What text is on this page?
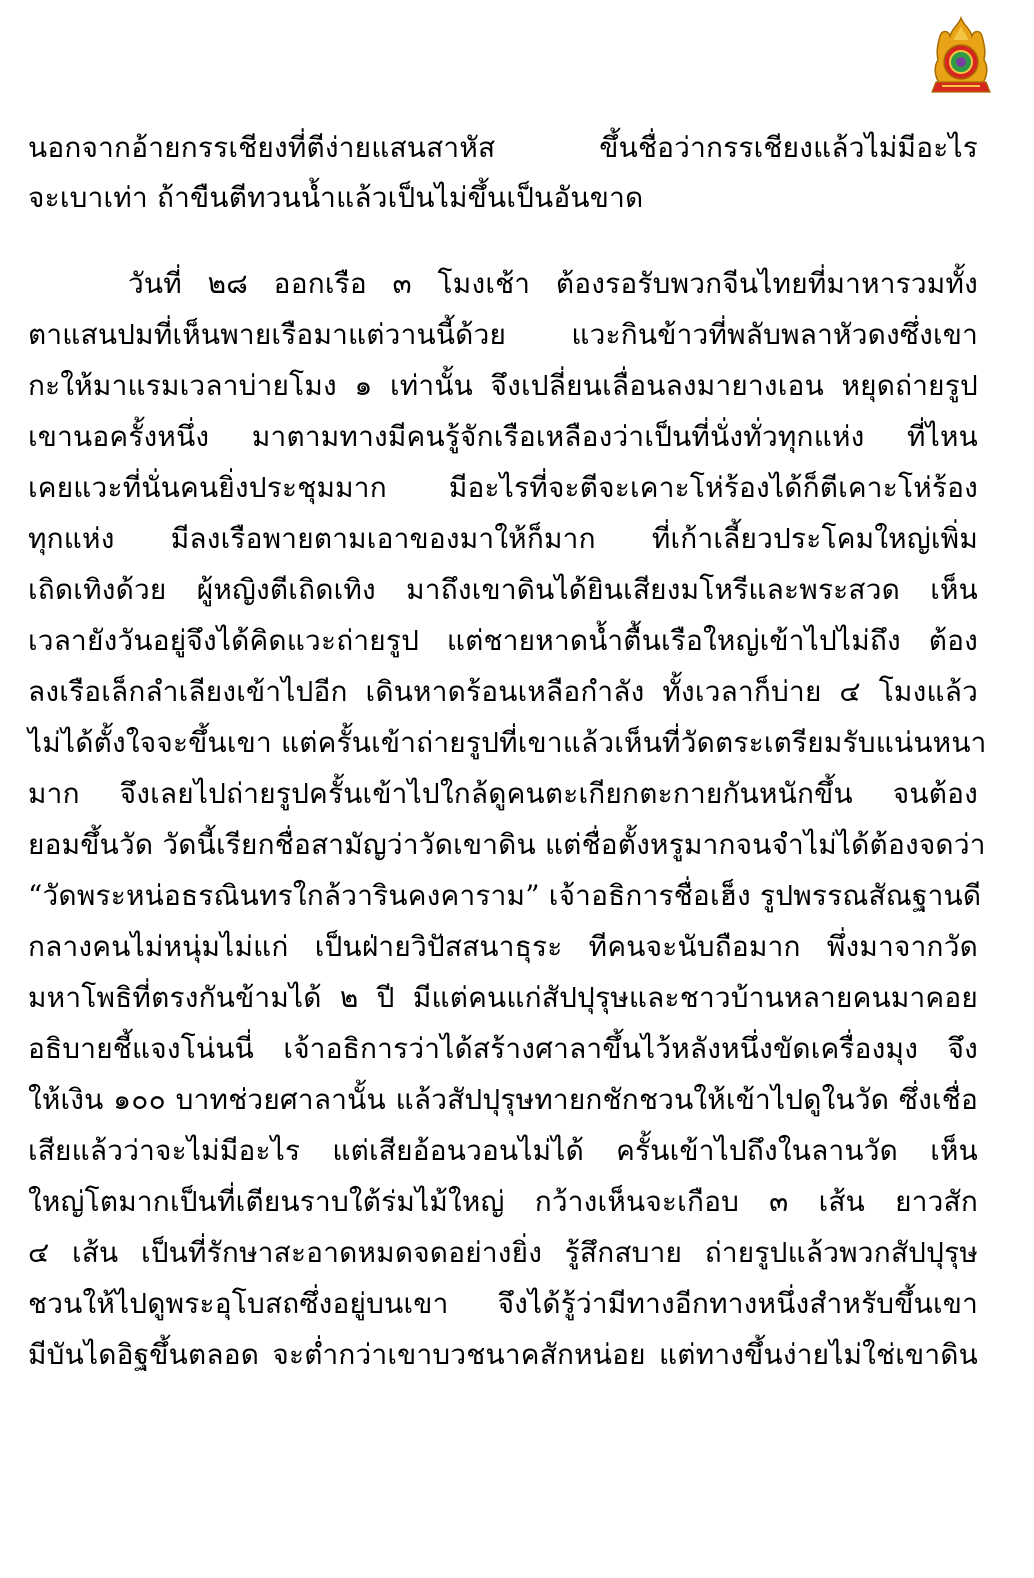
นอกจากอ้ายกรรเชียงที่ตีง่ายแสนสาหัส ขึ้นชื่อว่ากรรเชียงแล้วไม่มีอะไร
จะเบาเท่า ถ้าขืนตีทวนน้ำแล้วเป็นไม่ขึ้นเป็นอันขาด
วันที่ ๒๘ ออกเรือ ๓ โมงเช้า ต้องรอรับพวกจีนไทยที่มาหารวมทั้ง
ตาแสนปมที่เห็นพายเรือมาแต่วานนี้ด้วย แวะกินข้าวที่พลับพลาหัวดงซึ่งเขา
กะให้มาแรมเวลาบ่ายโมง ๑ เท่านั้น จึงเปลี่ยนเลื่อนลงมายางเอน หยุดถ่ายรูป
เขานอครั้งหนึ่ง มาตามทางมีคนรู้จักเรือเหลืองว่าเป็นที่นั่งทั่วทุกแห่ง ที่ไหน
เคยแวะที่นั่นคนยิ่งประชุมมาก มีอะไรที่จะตีจะเคาะโห่ร้องได้ก็ตีเคาะโห่ร้อง
ทุกแห่ง มีลงเรือพายตามเอาของมาให้ก็มาก ที่เก้าเลี้ยวประโคมใหญ่เพิ่ม
เถิดเทิงด้วย ผู้หญิงตีเถิดเทิง มาถึงเขาดินได้ยินเสียงมโหรีและพระสวด เห็น
เวลายังวันอยู่จึงได้คิดแวะถ่ายรูป แต่ชายหาดน้ำตื้นเรือใหญ่เข้าไปไม่ถึง ต้อง
ลงเรือเล็กลำเลียงเข้าไปอีก เดินหาดร้อนเหลือกำลัง ทั้งเวลาก็บ่าย ๔ โมงแล้ว
ไม่ได้ตั้งใจจะขึ้นเขา แต่ครั้นเข้าถ่ายรูปที่เขาแล้วเห็นที่วัดตระเตรียมรับแน่นหนา
มาก จึงเลยไปถ่ายรูปครั้นเข้าไปใกล้ดูคนตะเกียกตะกายกันหนักขึ้น จนต้อง
ยอมขึ้นวัด วัดนี้เรียกชื่อสามัญว่าวัดเขาดิน แต่ชื่อตั้งหรูมากจนจำไม่ได้ต้องจดว่า
“วัดพระหน่อธรณินทรใกล้วารินคงคาราม” เจ้าอธิการชื่อเฮ็ง รูปพรรณสัณฐานดี
กลางคนไม่หนุ่มไม่แก่ เป็นฝ่ายวิปัสสนาธุระ ทีคนจะนับถือมาก พึ่งมาจากวัด
มหาโพธิที่ตรงกันข้ามได้ ๒ ปี มีแต่คนแก่สัปปุรุษและชาวบ้านหลายคนมาคอย
อธิบายชี้แจงโน่นนี่ เจ้าอธิการว่าได้สร้างศาลาขึ้นไว้หลังหนึ่งขัดเครื่องมุง จึง
ให้เงิน ๑๐๐ บาทช่วยศาลานั้น แล้วสัปปุรุษทายกชักชวนให้เข้าไปดูในวัด ซึ่งเชื่อ
เสียแล้วว่าจะไม่มีอะไร แต่เสียอ้อนวอนไม่ได้ ครั้นเข้าไปถึงในลานวัด เห็น
ใหญ่โตมากเป็นที่เตียนราบใต้ร่มไม้ใหญ่ กว้างเห็นจะเกือบ ๓ เส้น ยาวสัก
๔ เส้น เป็นที่รักษาสะอาดหมดจดอย่างยิ่ง รู้สึกสบาย ถ่ายรูปแล้วพวกสัปปุรุษ
ชวนให้ไปดูพระอุโบสถซึ่งอยู่บนเขา จึงได้รู้ว่ามีทางอีกทางหนึ่งสำหรับขึ้นเขา
มีบันไดอิฐขึ้นตลอด จะต่ำกว่าเขาบวชนาคสักหน่อย แต่ทางขึ้นง่ายไม่ใช่เขาดิน
